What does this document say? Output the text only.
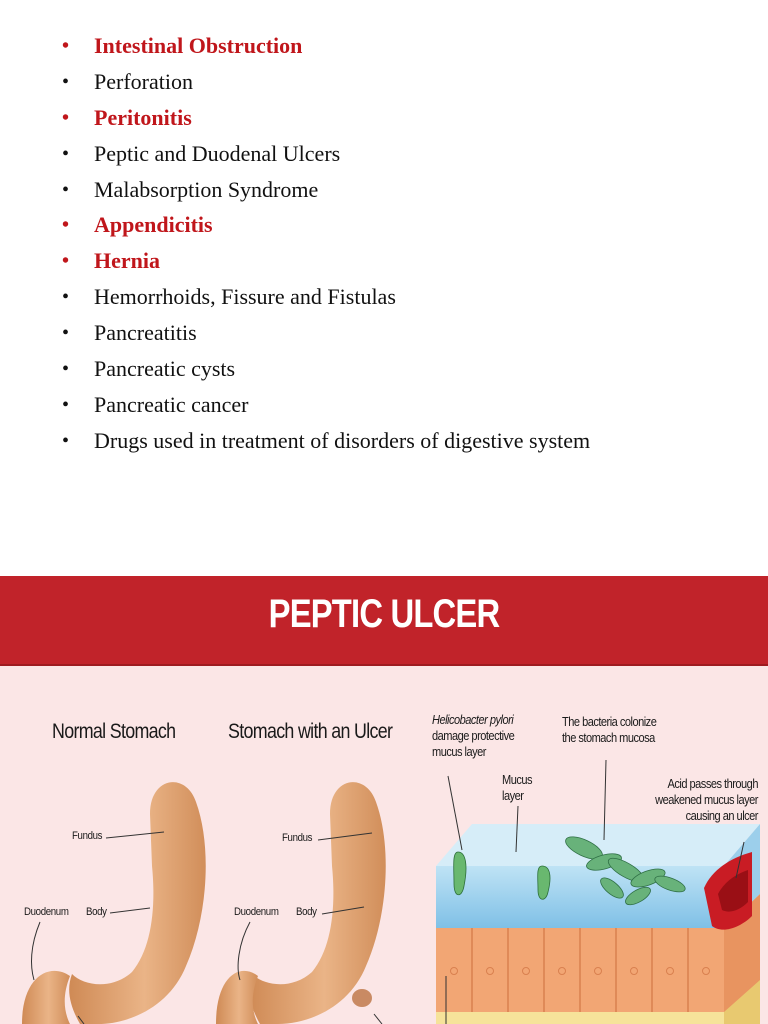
• Intestinal Obstruction
• Perforation
• Peritonitis
• Peptic and Duodenal Ulcers
• Malabsorption Syndrome
• Appendicitis
• Hernia
• Hemorrhoids, Fissure and Fistulas
• Pancreatitis
• Pancreatic cysts
• Pancreatic cancer
• Drugs used in treatment of disorders of digestive system
PEPTIC ULCER
Normal Stomach	Stomach with an Ulcer
Fundus
Duodenum Body
Fundus
Duodenum Body
Helicobacter pylori
damage protective
mucus layer
The bacteria colonize
the stomach mucosa
Mucus
layer
Acid passes through
weakened mucus layer
causing an ulcer
